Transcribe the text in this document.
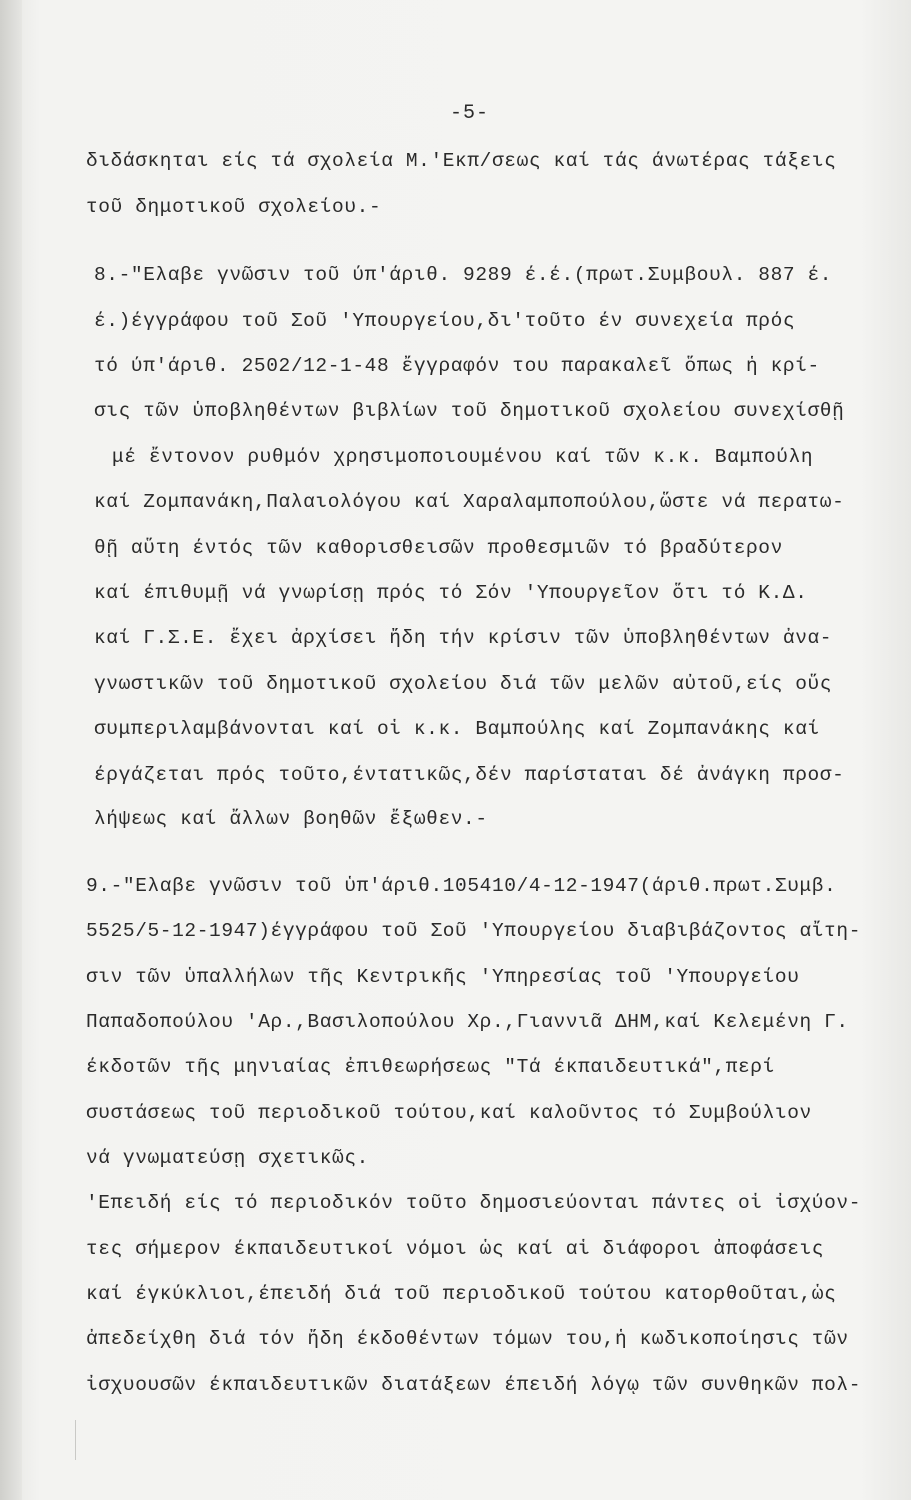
-5-
διδάσκηται είς τά σχολεία Μ.'Εκπ/σεως καί τάς άνωτέρας τάξεις
τοῦ δημοτικοῦ σχολείου.-
8.-"Ελαβε γνῶσιν τοῦ ύπ'άριθ. 9289 έ.έ.(πρωτ.Συμβουλ. 887 έ.
έ.)έγγράφου τοῦ Σοῦ 'Υπουργείου,δι'τοῦτο έν συνεχεία πρός
τό ύπ'άριθ. 2502/12-1-48 ἔγγραφόν του παρακαλεῖ ὅπως ἡ κρί-
σις τῶν ὑποβληθέντων βιβλίων τοῦ δημοτικοῦ σχολείου συνεχίσθῇ
μέ ἔντονον ρυθμόν χρησιμοποιουμένου καί τῶν κ.κ. Βαμπούλη
καί Ζομπανάκη,Παλαιολόγου καί Χαραλαμποπούλου,ὥστε νά περατω-
θῇ αὕτη έντός τῶν καθορισθεισῶν προθεσμιῶν τό βραδύτερον
καί έπιθυμῇ νά γνωρίσῃ πρός τό Σόν 'Υπουργεῖον ὅτι τό Κ.Δ.
καί Γ.Σ.Ε. ἔχει ἀρχίσει ἤδη τήν κρίσιν τῶν ὑποβληθέντων ἀνα-
γνωστικῶν τοῦ δημοτικοῦ σχολείου διά τῶν μελῶν αὐτοῦ,είς οὕς
συμπεριλαμβάνονται καί οἱ κ.κ. Βαμπούλης καί Ζομπανάκης καί
έργάζεται πρός τοῦτο,έντατικῶς,δέν παρίσταται δέ ἀνάγκη προσ-
λήψεως καί ἄλλων βοηθῶν ἔξωθεν.-
9.-"Ελαβε γνῶσιν τοῦ ὑπ'άριθ.105410/4-12-1947(άριθ.πρωτ.Συμβ.
5525/5-12-1947)έγγράφου τοῦ Σοῦ 'Υπουργείου διαβιβάζοντος αἴτη-
σιν τῶν ὑπαλλήλων τῆς Κεντρικῆς 'Υπηρεσίας τοῦ 'Υπουργείου
Παπαδοπούλου 'Αρ.,Βασιλοπούλου Χρ.,Γιαννιᾶ ΔΗΜ,καί Κελεμένη Γ.
έκδοτῶν τῆς μηνιαίας ἐπιθεωρήσεως "Τά έκπαιδευτικά",περί
συστάσεως τοῦ περιοδικοῦ τούτου,καί καλοῦντος τό Συμβούλιον
νά γνωματεύσῃ σχετικῶς.
'Επειδή είς τό περιοδικόν τοῦτο δημοσιεύονται πάντες οἱ ἰσχύον-
τες σήμερον έκπαιδευτικοί νόμοι ὡς καί αἱ διάφοροι ἀποφάσεις
καί έγκύκλιοι,έπειδή διά τοῦ περιοδικοῦ τούτου κατορθοῦται,ὡς
ἀπεδείχθη διά τόν ἤδη έκδοθέντων τόμων του,ἡ κωδικοποίησις τῶν
ἰσχυουσῶν έκπαιδευτικῶν διατάξεων έπειδή λόγῳ τῶν συνθηκῶν πολ-
